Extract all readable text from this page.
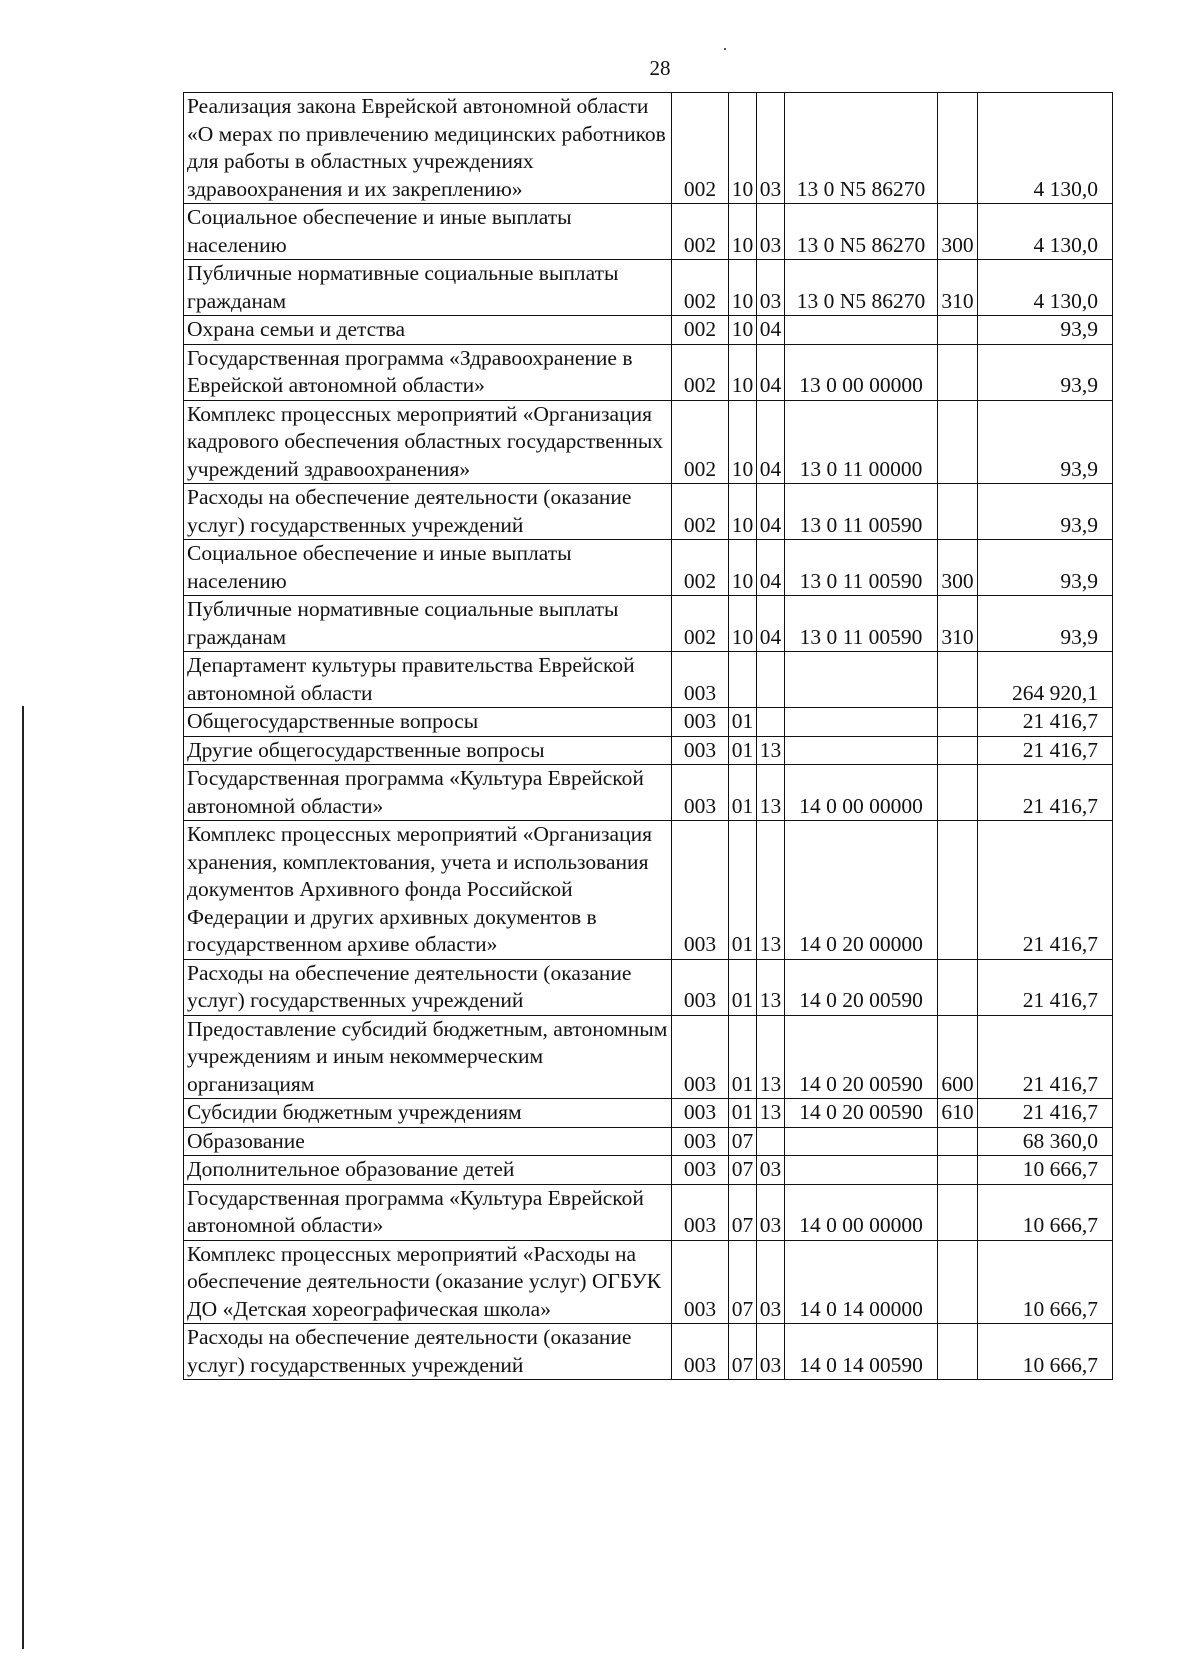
28
Реализация закона Еврейской автономной области «О мерах по привлечению медицинских работников для работы в областных учреждениях здравоохранения и их закреплению»	002	10	03	13 0 N5 86270		4 130,0
Социальное обеспечение и иные выплаты населению	002	10	03	13 0 N5 86270	300	4 130,0
Публичные нормативные социальные выплаты гражданам	002	10	03	13 0 N5 86270	310	4 130,0
Охрана семьи и детства	002	10	04			93,9
Государственная программа «Здравоохранение в Еврейской автономной области»	002	10	04	13 0 00 00000		93,9
Комплекс процессных мероприятий «Организация кадрового обеспечения областных государственных учреждений здравоохранения»	002	10	04	13 0 11 00000		93,9
Расходы на обеспечение деятельности (оказание услуг) государственных учреждений	002	10	04	13 0 11 00590		93,9
Социальное обеспечение и иные выплаты населению	002	10	04	13 0 11 00590	300	93,9
Публичные нормативные социальные выплаты гражданам	002	10	04	13 0 11 00590	310	93,9
Департамент культуры правительства Еврейской автономной области	003					264 920,1
Общегосударственные вопросы	003	01				21 416,7
Другие общегосударственные вопросы	003	01	13			21 416,7
Государственная программа «Культура Еврейской автономной области»	003	01	13	14 0 00 00000		21 416,7
Комплекс процессных мероприятий «Организация хранения, комплектования, учета и использования документов Архивного фонда Российской Федерации и других архивных документов в государственном архиве области»	003	01	13	14 0 20 00000		21 416,7
Расходы на обеспечение деятельности (оказание услуг) государственных учреждений	003	01	13	14 0 20 00590		21 416,7
Предоставление субсидий бюджетным, автономным учреждениям и иным некоммерческим организациям	003	01	13	14 0 20 00590	600	21 416,7
Субсидии бюджетным учреждениям	003	01	13	14 0 20 00590	610	21 416,7
Образование	003	07				68 360,0
Дополнительное образование детей	003	07	03			10 666,7
Государственная программа «Культура Еврейской автономной области»	003	07	03	14 0 00 00000		10 666,7
Комплекс процессных мероприятий «Расходы на обеспечение деятельности (оказание услуг) ОГБУК ДО «Детская хореографическая школа»	003	07	03	14 0 14 00000		10 666,7
Расходы на обеспечение деятельности (оказание услуг) государственных учреждений	003	07	03	14 0 14 00590		10 666,7
